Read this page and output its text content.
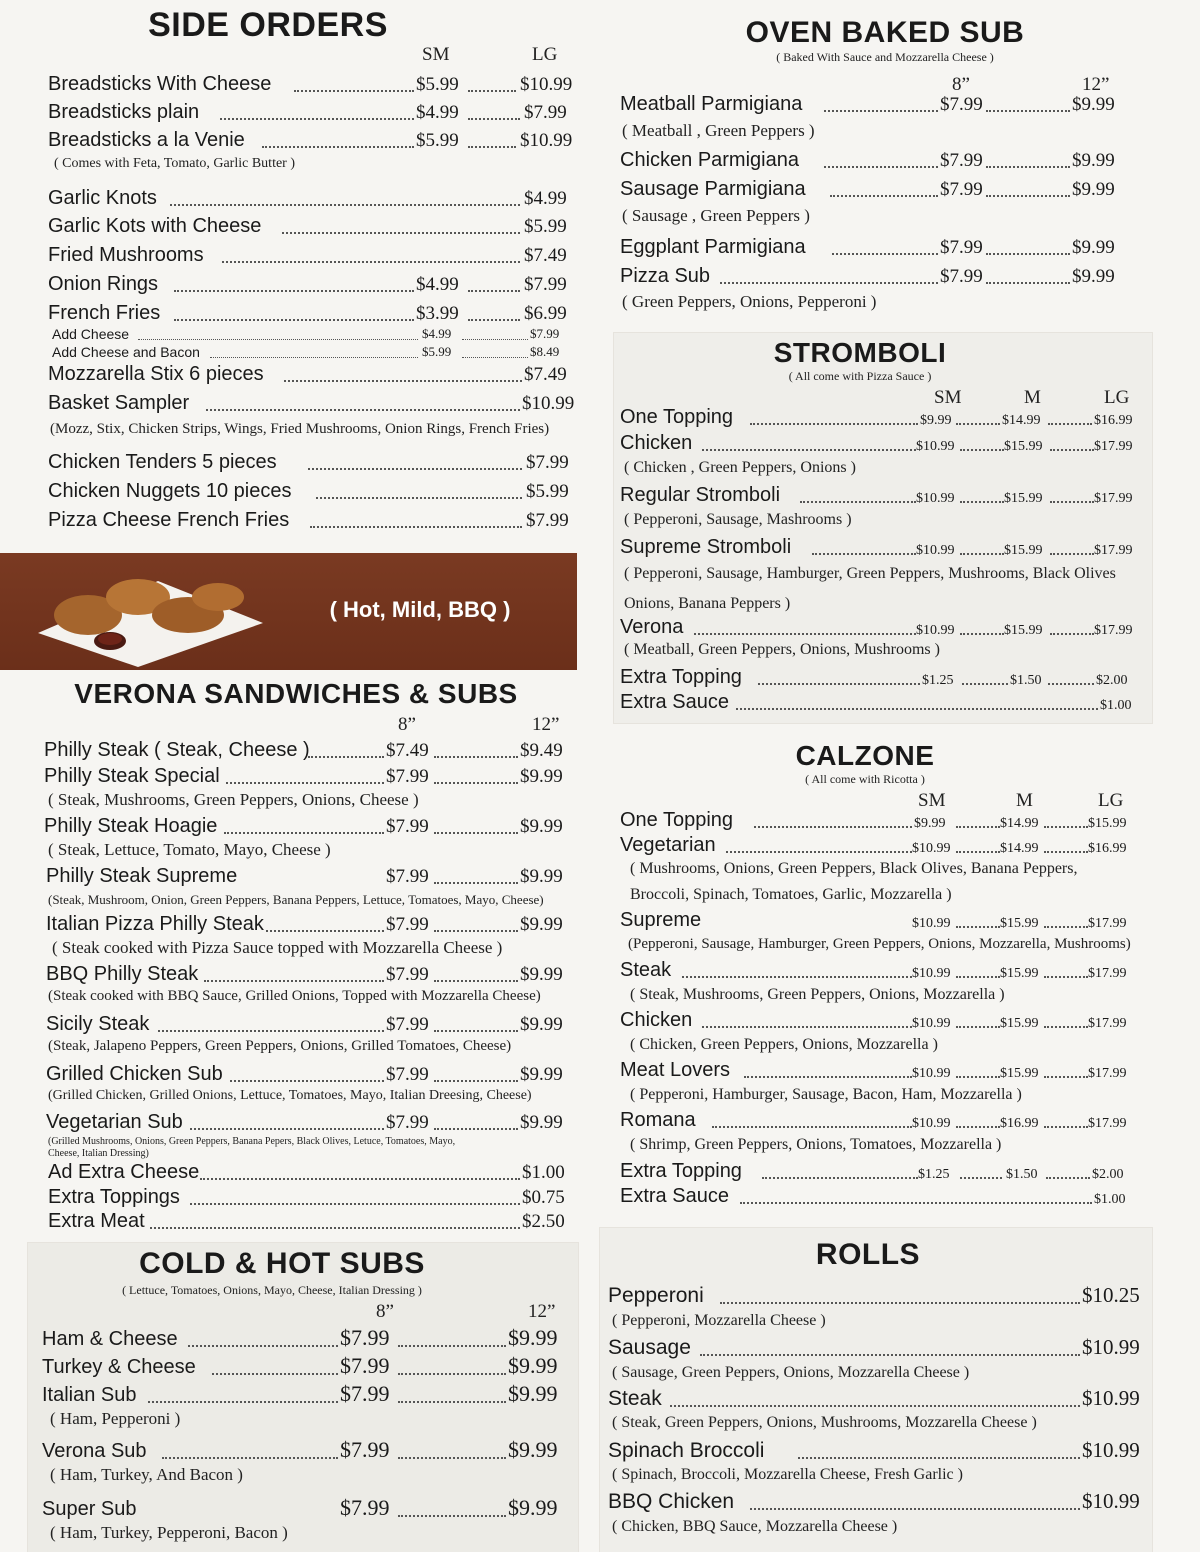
SIDE ORDERS
SM	LG
Breadsticks With Cheese	$5.99	$10.99
Breadsticks plain	$4.99	$7.99
Breadsticks a la Venie	$5.99	$10.99
( Comes with Feta, Tomato, Garlic Butter )
Garlic Knots	$4.99
Garlic Kots with Cheese	$5.99
Fried Mushrooms	$7.49
Onion Rings	$4.99	$7.99
French Fries	$3.99	$6.99
Add Cheese	$4.99	$7.99
Add Cheese and Bacon	$5.99	$8.49
Mozzarella Stix 6 pieces	$7.49
Basket Sampler	$10.99
(Mozz, Stix, Chicken Strips, Wings, Fried Mushrooms, Onion Rings, French Fries)
Chicken Tenders 5 pieces	$7.99
Chicken Nuggets 10 pieces	$5.99
Pizza Cheese French Fries	$7.99
( Hot, Mild, BBQ )
VERONA SANDWICHES & SUBS
8”	12”
Philly Steak ( Steak, Cheese )	$7.49	$9.49
Philly Steak Special	$7.99	$9.99
( Steak, Mushrooms, Green Peppers, Onions, Cheese )
Philly Steak Hoagie	$7.99	$9.99
( Steak, Lettuce, Tomato, Mayo, Cheese )
Philly Steak Supreme	$7.99	$9.99
(Steak, Mushroom, Onion, Green Peppers, Banana Peppers, Lettuce, Tomatoes, Mayo, Cheese)
Italian Pizza Philly Steak	$7.99	$9.99
( Steak cooked with Pizza Sauce topped with Mozzarella Cheese )
BBQ Philly Steak	$7.99	$9.99
(Steak cooked with BBQ Sauce, Grilled Onions, Topped with Mozzarella Cheese)
Sicily Steak	$7.99	$9.99
(Steak, Jalapeno Peppers, Green Peppers, Onions, Grilled Tomatoes, Cheese)
Grilled Chicken Sub	$7.99	$9.99
(Grilled Chicken, Grilled Onions, Lettuce, Tomatoes, Mayo, Italian Dreesing, Cheese)
Vegetarian Sub	$7.99	$9.99
(Grilled Mushrooms, Onions, Green Peppers, Banana Pepers, Black Olives, Letuce, Tomatoes, Mayo,
Cheese, Italian Dressing)
Ad Extra Cheese	$1.00
Extra Toppings	$0.75
Extra Meat	$2.50
COLD & HOT SUBS
( Lettuce, Tomatoes, Onions, Mayo, Cheese, Italian Dressing )
8”	12”
Ham & Cheese	$7.99	$9.99
Turkey & Cheese	$7.99	$9.99
Italian Sub	$7.99	$9.99
( Ham, Pepperoni )
Verona Sub	$7.99	$9.99
( Ham, Turkey, And Bacon )
Super Sub	$7.99	$9.99
( Ham, Turkey, Pepperoni, Bacon )
OVEN BAKED SUB
( Baked With Sauce and Mozzarella Cheese )
8”	12”
Meatball Parmigiana	$7.99	$9.99
( Meatball , Green Peppers )
Chicken Parmigiana	$7.99	$9.99
Sausage Parmigiana	$7.99	$9.99
( Sausage , Green Peppers )
Eggplant Parmigiana	$7.99	$9.99
Pizza Sub	$7.99	$9.99
( Green Peppers, Onions, Pepperoni )
STROMBOLI
( All come with Pizza Sauce )
SM	M	LG
One Topping	$9.99	$14.99	$16.99
Chicken	$10.99	$15.99	$17.99
( Chicken , Green Peppers, Onions )
Regular Stromboli	$10.99	$15.99	$17.99
( Pepperoni, Sausage, Mashrooms )
Supreme Stromboli	$10.99	$15.99	$17.99
( Pepperoni, Sausage, Hamburger, Green Peppers, Mushrooms, Black Olives
Onions, Banana Peppers )
Verona	$10.99	$15.99	$17.99
( Meatball, Green Peppers, Onions, Mushrooms )
Extra Topping	$1.25	$1.50	$2.00
Extra Sauce	$1.00
CALZONE
( All come with Ricotta )
SM	M	LG
One Topping	$9.99	$14.99	$15.99
Vegetarian	$10.99	$14.99	$16.99
( Mushrooms, Onions, Green Peppers, Black Olives, Banana Peppers,
Broccoli, Spinach, Tomatoes, Garlic, Mozzarella )
Supreme	$10.99	$15.99	$17.99
(Pepperoni, Sausage, Hamburger, Green Peppers, Onions, Mozzarella, Mushrooms)
Steak	$10.99	$15.99	$17.99
( Steak, Mushrooms, Green Peppers, Onions, Mozzarella )
Chicken	$10.99	$15.99	$17.99
( Chicken, Green Peppers, Onions, Mozzarella )
Meat Lovers	$10.99	$15.99	$17.99
( Pepperoni, Hamburger, Sausage, Bacon, Ham, Mozzarella )
Romana	$10.99	$16.99	$17.99
( Shrimp, Green Peppers, Onions, Tomatoes, Mozzarella )
Extra Topping	$1.25	$1.50	$2.00
Extra Sauce	$1.00
ROLLS
Pepperoni	$10.25
( Pepperoni, Mozzarella Cheese )
Sausage	$10.99
( Sausage, Green Peppers, Onions, Mozzarella Cheese )
Steak	$10.99
( Steak, Green Peppers, Onions, Mushrooms, Mozzarella Cheese )
Spinach Broccoli	$10.99
( Spinach, Broccoli, Mozzarella Cheese, Fresh Garlic )
BBQ Chicken	$10.99
( Chicken, BBQ Sauce, Mozzarella Cheese )
